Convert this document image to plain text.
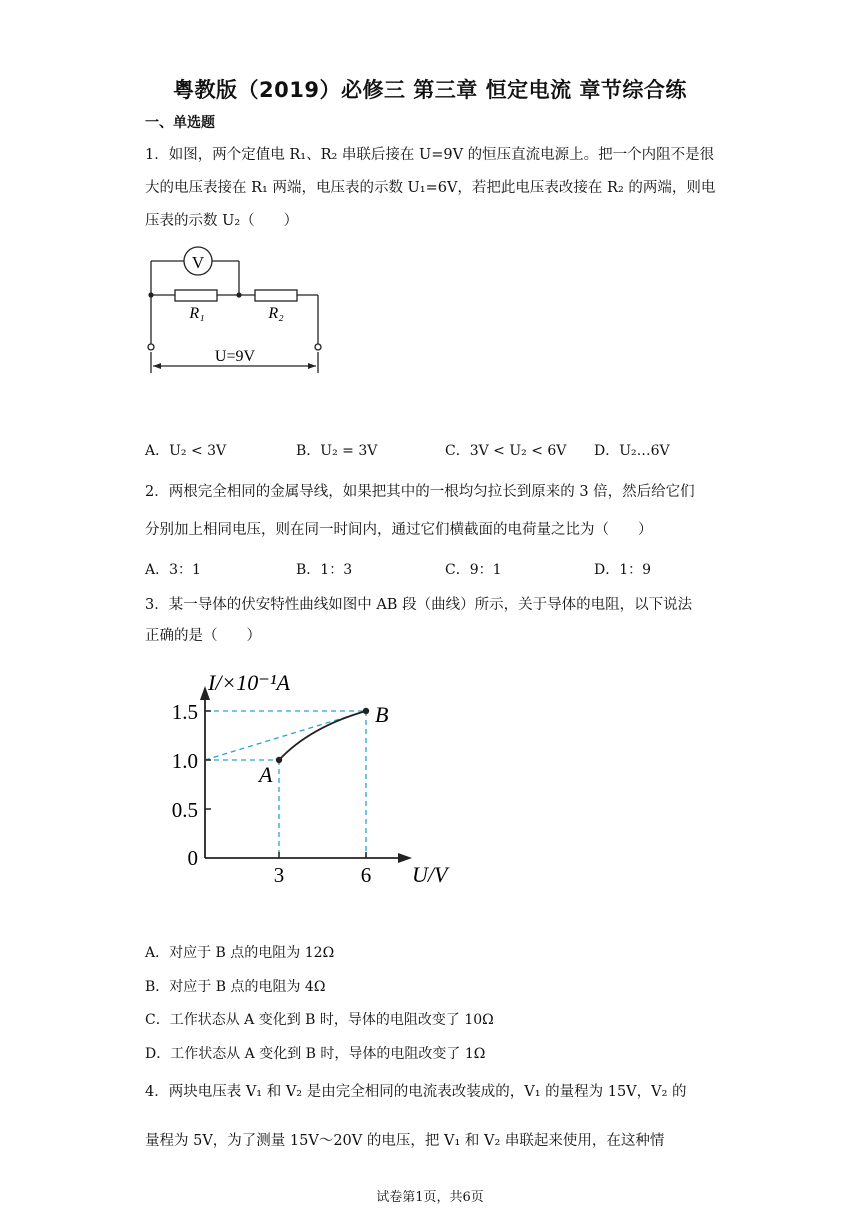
粤教版（2019）必修三 第三章 恒定电流 章节综合练
一、单选题
1．如图，两个定值电 R₁、R₂ 串联后接在 U=9V 的恒压直流电源上。把一个内阻不是很
大的电压表接在 R₁ 两端，电压表的示数 U₁=6V，若把此电压表改接在 R₂ 的两端，则电
压表的示数 U₂（　　）
V
R₁	R₂
U=9V
A．U₂ < 3V	B．U₂ = 3V	C．3V < U₂ < 6V D．U₂…6V
2．两根完全相同的金属导线，如果把其中的一根均匀拉长到原来的 3 倍，然后给它们
分别加上相同电压，则在同一时间内，通过它们横截面的电荷量之比为（　　）
A．3：1	B．1：3	C．9：1	D．1：9
3．某一导体的伏安特性曲线如图中 AB 段（曲线）所示，关于导体的电阻，以下说法
正确的是（　　）
I/×10⁻¹A
U/V
1.5
1.0
0.5
0
3	6
A
B
A．对应于 B 点的电阻为 12Ω
B．对应于 B 点的电阻为 4Ω
C．工作状态从 A 变化到 B 时，导体的电阻改变了 10Ω
D．工作状态从 A 变化到 B 时，导体的电阻改变了 1Ω
4．两块电压表 V₁ 和 V₂ 是由完全相同的电流表改装成的，V₁ 的量程为 15V，V₂ 的
量程为 5V，为了测量 15V～20V 的电压，把 V₁ 和 V₂ 串联起来使用，在这种情
试卷第1页，共6页
